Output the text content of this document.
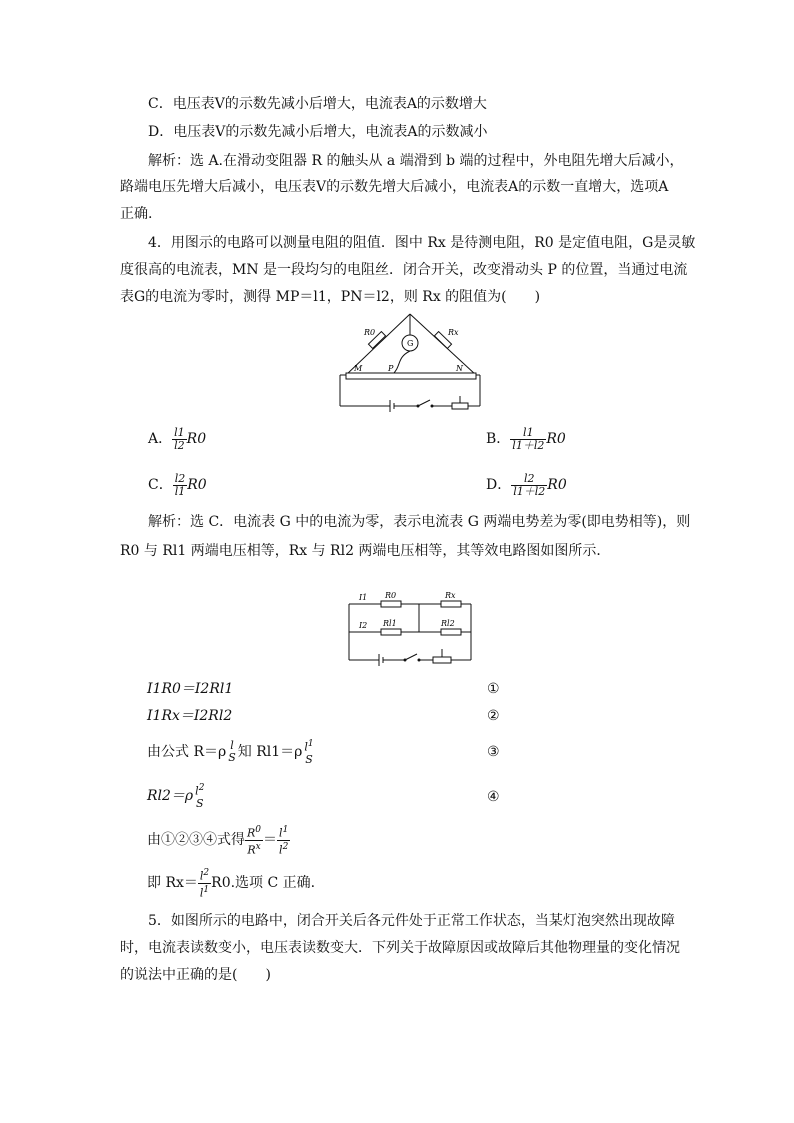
C．电压表V的示数先减小后增大，电流表A的示数增大
D．电压表V的示数先减小后增大，电流表A的示数减小
解析：选 A.在滑动变阻器 R 的触头从 a 端滑到 b 端的过程中，外电阻先增大后减小，
路端电压先增大后减小，电压表V的示数先增大后减小，电流表A的示数一直增大，选项A
正确.
4．用图示的电路可以测量电阻的阻值．图中 Rx 是待测电阻，R0 是定值电阻，G是灵敏
度很高的电流表，MN 是一段均匀的电阻丝．闭合开关，改变滑动头 P 的位置，当通过电流
表G的电流为零时，测得 MP＝l1，PN＝l2，则 Rx 的阻值为(　　)
R0	Rx
G
M	P	N
A． $\frac{l1}{l2} R0$	B． $\frac{l1}{l1+l2} R0$
C． $\frac{l2}{l1} R0$	D． $\frac{l2}{l1+l2} R0$
解析：选 C．电流表 G 中的电流为零，表示电流表 G 两端电势差为零(即电势相等)，则
R0 与 Rl1 两端电压相等，Rx 与 Rl2 两端电压相等，其等效电路图如图所示．
I1
I2
R0	Rx
Rl1	Rl2
I1R0＝I2Rl1	①
I1Rx＝I2Rl2	②
由公式 R＝ρ l
S 知 Rl1＝ρ $l^1$
S	③
Rl2＝ρ $l^2$
S	④
由①②③④式得 $\frac{R^0}{R^x} = \frac{l^1}{l^2}$
即 $Rx= \frac{l^2}{l^1} R0$.选项 C 正确.
5．如图所示的电路中，闭合开关后各元件处于正常工作状态，当某灯泡突然出现故障
时，电流表读数变小，电压表读数变大．下列关于故障原因或故障后其他物理量的变化情况
的说法中正确的是(　　)
